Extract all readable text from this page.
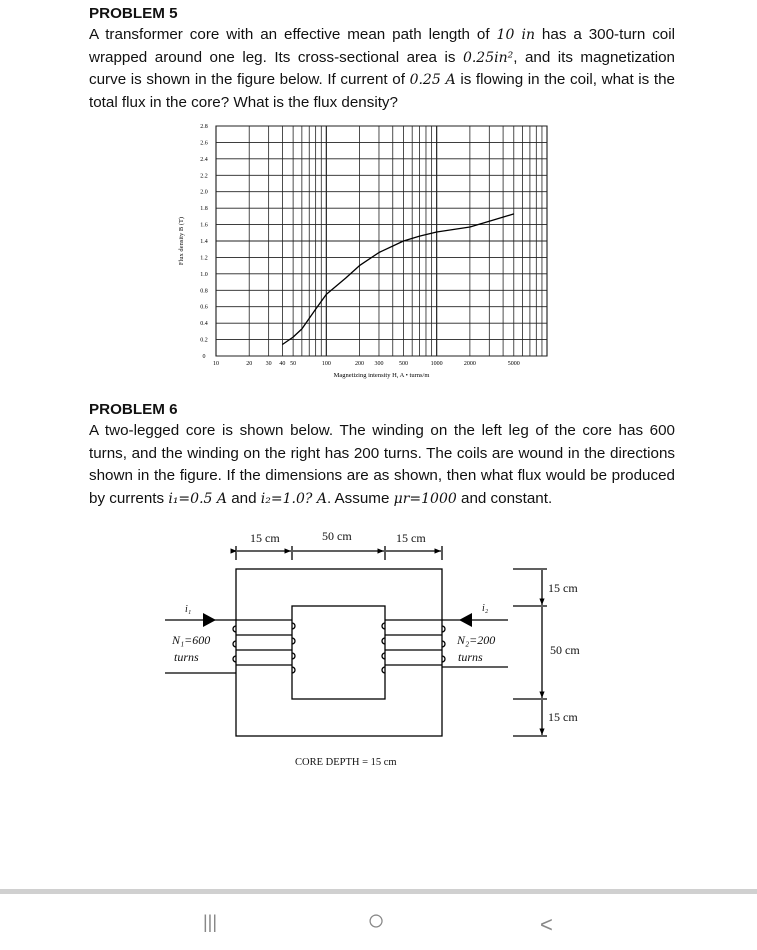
PROBLEM 5
A transformer core with an effective mean path length of 10 in has a 300-turn coil wrapped around one leg. Its cross-sectional area is 0.25in², and its magnetization curve is shown in the figure below. If current of 0.25 A is flowing in the coil, what is the total flux in the core? What is the flux density?
0
0.2
0.4
0.6
0.8
1.0
1.2
1.4
1.6
1.8
2.0
2.2
2.4
2.6
2.8
10	20 30 40 50	100	200 300	500	1000	2000	5000
Magnetizing intensity H, A • turns/m
Flux density B (T)
PROBLEM 6
A two-legged core is shown below. The winding on the left leg of the core has 600 turns, and the winding on the right has 200 turns. The coils are wound in the directions shown in the figure. If the dimensions are as shown, then what flux would be produced by currents i₁=0.5 A and i₂=1.0? A. Assume μr=1000 and constant.
15 cm	50 cm	15 cm
15 cm
50 cm
15 cm
CORE DEPTH = 15 cm
i₁	i₂
N₁=600
turns
N₂=200
turns
|||	○	<
